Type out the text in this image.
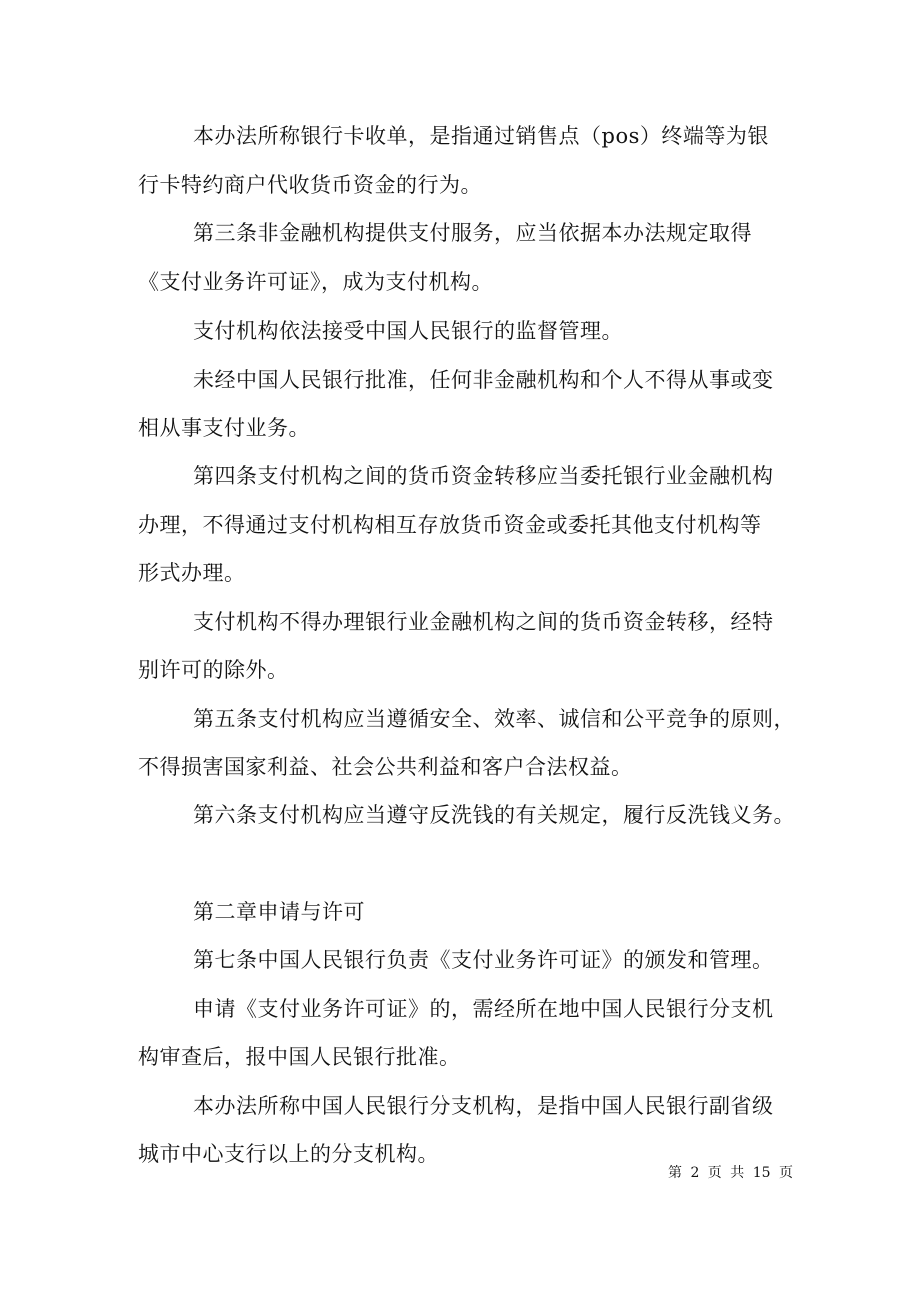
本办法所称银行卡收单，是指通过销售点（pos）终端等为银
行卡特约商户代收货币资金的行为。
第三条非金融机构提供支付服务，应当依据本办法规定取得
《支付业务许可证》，成为支付机构。
支付机构依法接受中国人民银行的监督管理。
未经中国人民银行批准，任何非金融机构和个人不得从事或变
相从事支付业务。
第四条支付机构之间的货币资金转移应当委托银行业金融机构
办理，不得通过支付机构相互存放货币资金或委托其他支付机构等
形式办理。
支付机构不得办理银行业金融机构之间的货币资金转移，经特
别许可的除外。
第五条支付机构应当遵循安全、效率、诚信和公平竞争的原则，
不得损害国家利益、社会公共利益和客户合法权益。
第六条支付机构应当遵守反洗钱的有关规定，履行反洗钱义务。
第二章申请与许可
第七条中国人民银行负责《支付业务许可证》的颁发和管理。
申请《支付业务许可证》的，需经所在地中国人民银行分支机
构审查后，报中国人民银行批准。
本办法所称中国人民银行分支机构，是指中国人民银行副省级
城市中心支行以上的分支机构。
第 2 页 共 15 页
